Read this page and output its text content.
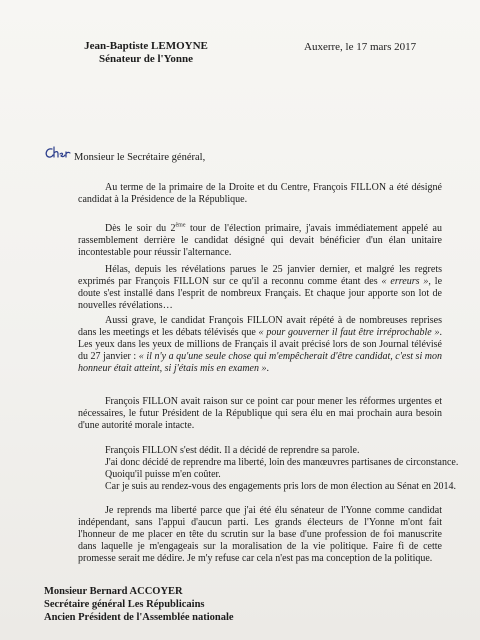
Jean-Baptiste LEMOYNE
Sénateur de l'Yonne
Auxerre, le 17 mars 2017
Monsieur le Secrétaire général,
Au terme de la primaire de la Droite et du Centre, François FILLON a été désigné candidat à la Présidence de la République.
Dès le soir du 2ème tour de l'élection primaire, j'avais immédiatement appelé au rassemblement derrière le candidat désigné qui devait bénéficier d'un élan unitaire incontestable pour réussir l'alternance.
Hélas, depuis les révélations parues le 25 janvier dernier, et malgré les regrets exprimés par François FILLON sur ce qu'il a reconnu comme étant des « erreurs », le doute s'est installé dans l'esprit de nombreux Français. Et chaque jour apporte son lot de nouvelles révélations…
Aussi grave, le candidat François FILLON avait répété à de nombreuses reprises dans les meetings et les débats télévisés que « pour gouverner il faut être irréprochable ». Les yeux dans les yeux de millions de Français il avait précisé lors de son Journal télévisé du 27 janvier : « il n'y a qu'une seule chose qui m'empêcherait d'être candidat, c'est si mon honneur était atteint, si j'étais mis en examen ».
François FILLON avait raison sur ce point car pour mener les réformes urgentes et nécessaires, le futur Président de la République qui sera élu en mai prochain aura besoin d'une autorité morale intacte.
François FILLON s'est dédit. Il a décidé de reprendre sa parole.
J'ai donc décidé de reprendre ma liberté, loin des manœuvres partisanes de circonstance.
Quoiqu'il puisse m'en coûter.
Car je suis au rendez-vous des engagements pris lors de mon élection au Sénat en 2014.
Je reprends ma liberté parce que j'ai été élu sénateur de l'Yonne comme candidat indépendant, sans l'appui d'aucun parti. Les grands électeurs de l'Yonne m'ont fait l'honneur de me placer en tête du scrutin sur la base d'une profession de foi manuscrite dans laquelle je m'engageais sur la moralisation de la vie politique. Faire fi de cette promesse serait me dédire. Je m'y refuse car cela n'est pas ma conception de la politique.
Monsieur Bernard ACCOYER
Secrétaire général Les Républicains
Ancien Président de l'Assemblée nationale
